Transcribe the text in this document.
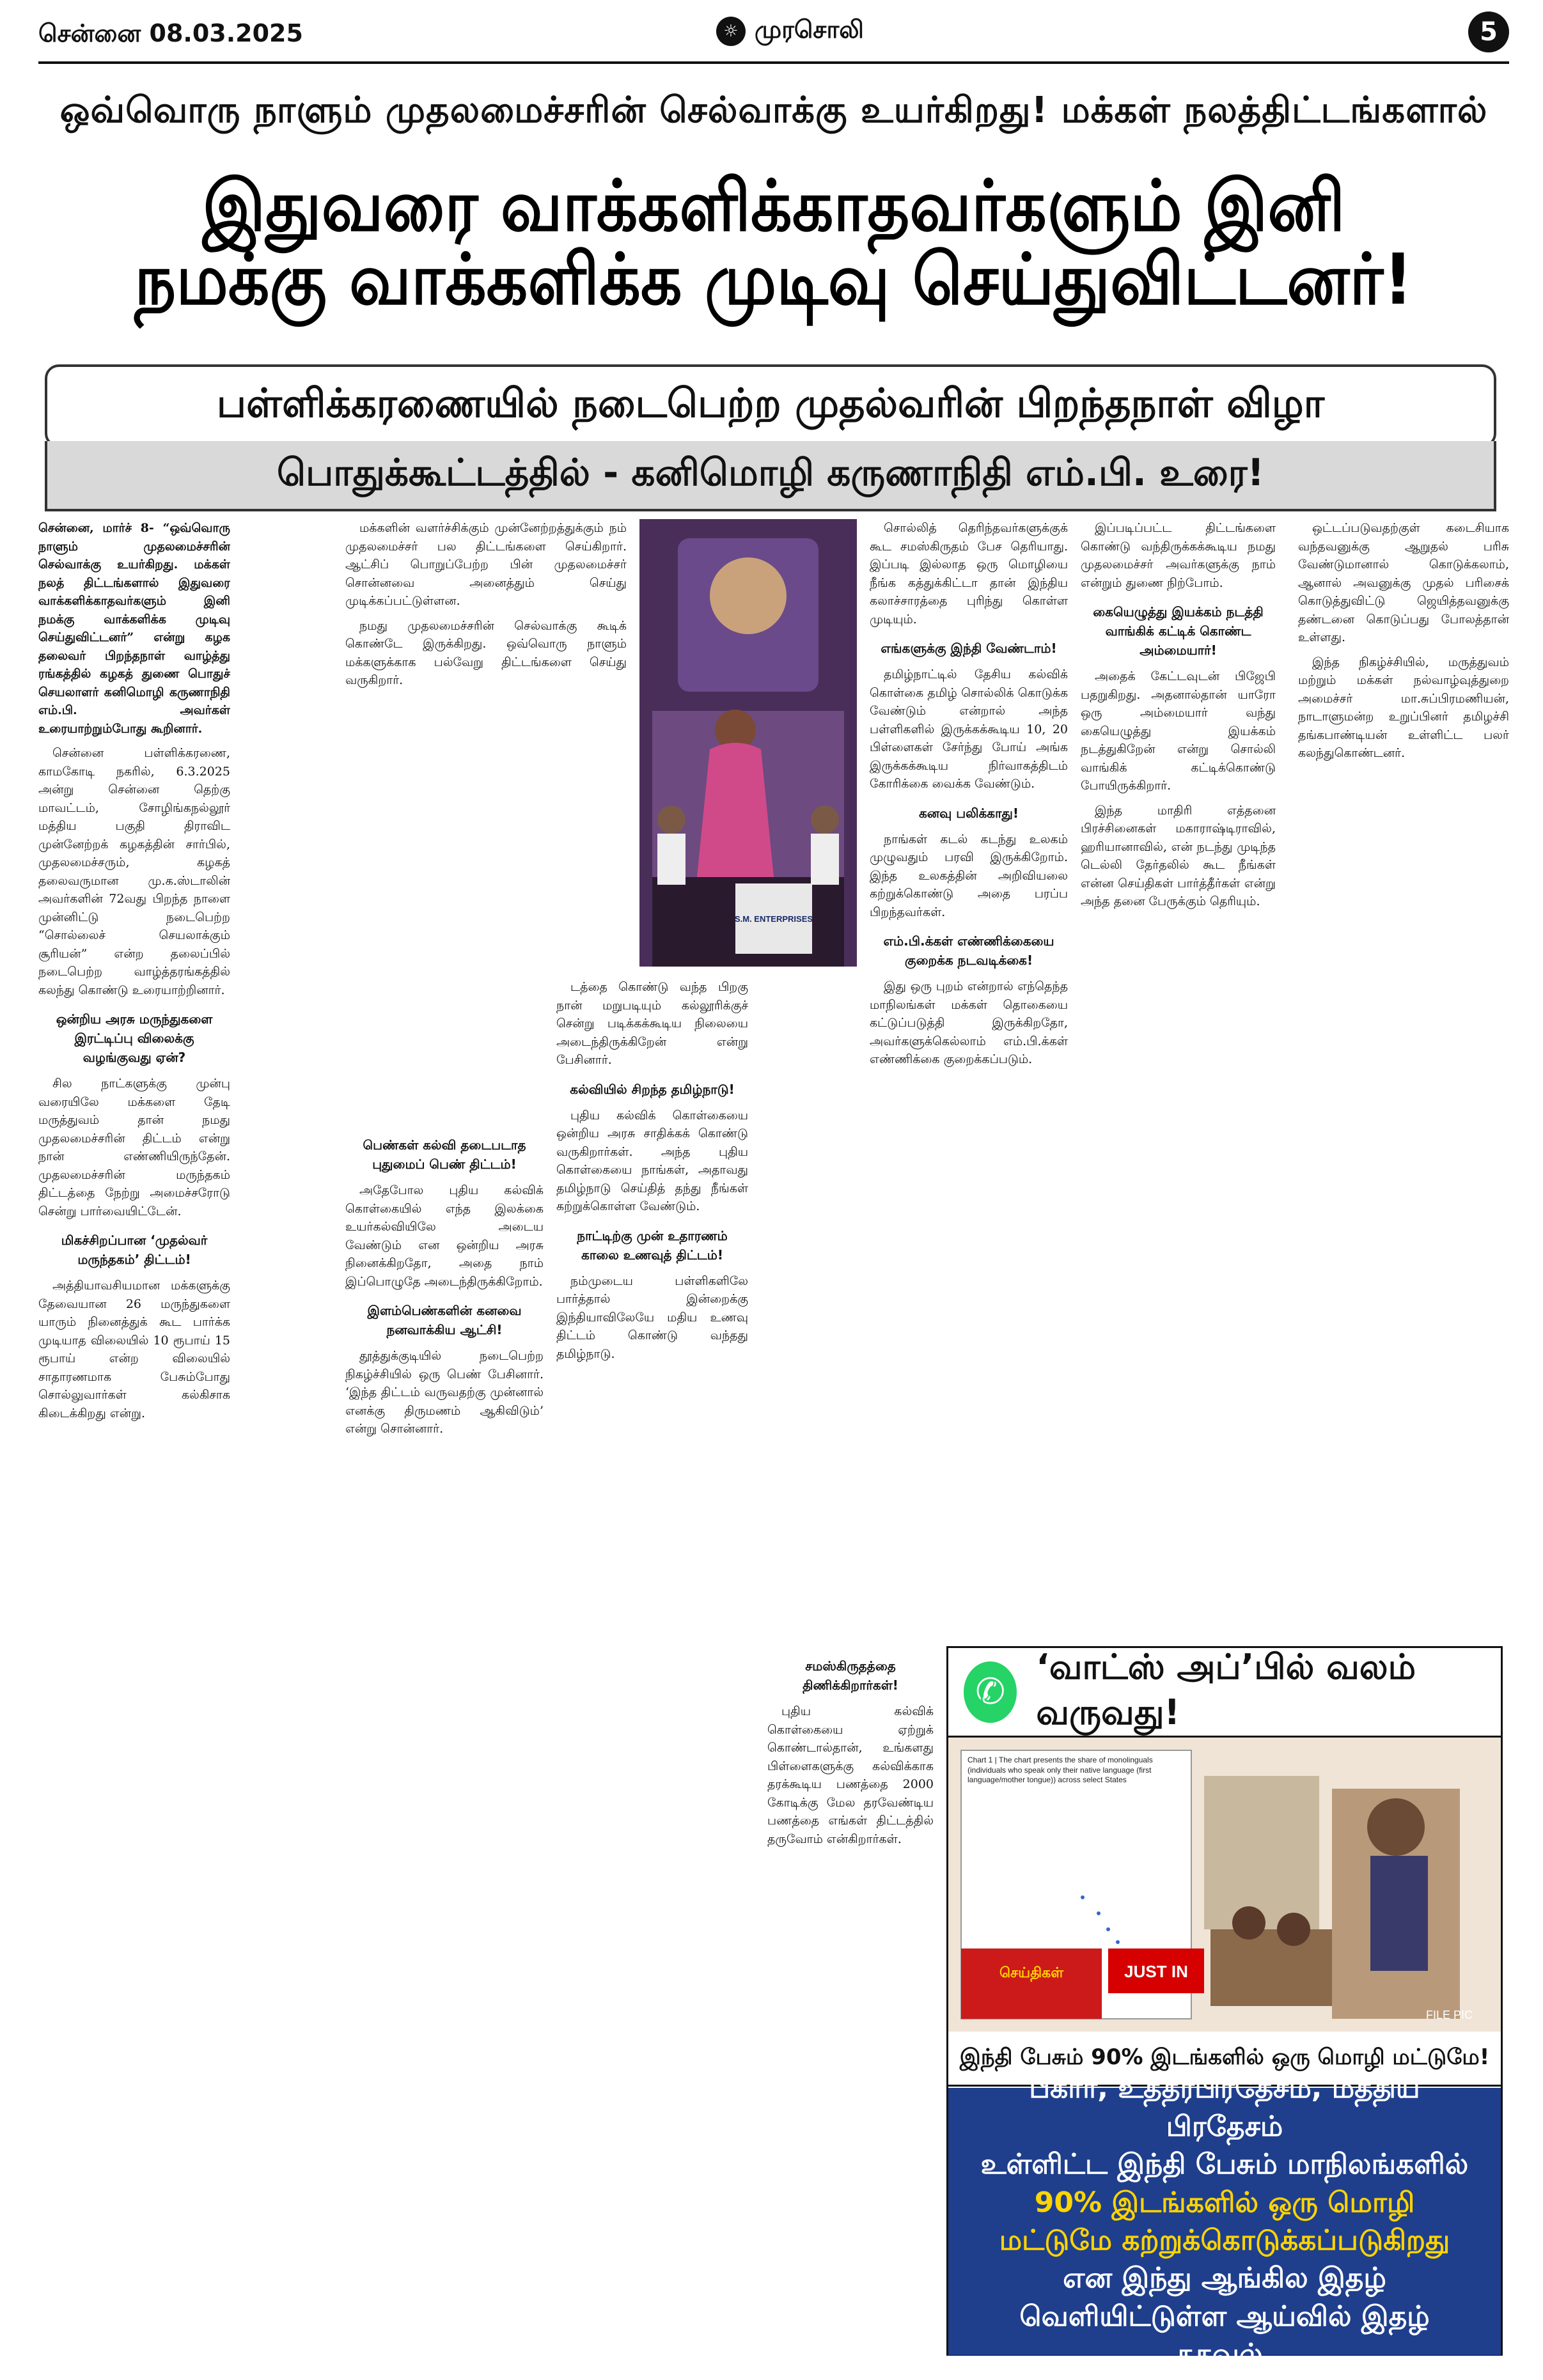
சென்னை 08.03.2025	☼ முரசொலி	5
ஒவ்வொரு நாளும் முதலமைச்சரின் செல்வாக்கு உயர்கிறது! மக்கள் நலத்திட்டங்களால்
இதுவரை வாக்களிக்காதவர்களும் இனி நமக்கு வாக்களிக்க முடிவு செய்துவிட்டனர்!
பள்ளிக்கரணையில் நடைபெற்ற முதல்வரின் பிறந்தநாள் விழா
பொதுக்கூட்டத்தில் - கனிமொழி கருணாநிதி எம்.பி. உரை!

சென்னை, மார்ச் 8- “ஒவ்வொரு நாளும் முதலமைச்சரின் செல்வாக்கு உயர்கிறது. மக்கள் நலத் திட்டங்களால் இதுவரை வாக்களிக்காதவர்களும் இனி நமக்கு வாக்களிக்க முடிவு செய்துவிட்டனர்” என்று கழக தலைவர் பிறந்தநாள் வாழ்த்து ரங்கத்தில் கழகத் துணை பொதுச் செயலாளர் கனிமொழி கருணாநிதி எம்.பி. அவர்கள் உரையாற்றும்போது கூறினார்.

சென்னை பள்ளிக்கரணை, காமகோடி நகரில், 6.3.2025 அன்று சென்னை தெற்கு மாவட்டம், சோழிங்கநல்லூர் மத்திய பகுதி திராவிட முன்னேற்றக் கழகத்தின் சார்பில், முதலமைச்சரும், கழகத் தலைவருமான மு.க.ஸ்டாலின் அவர்களின் 72வது பிறந்த நாளை முன்னிட்டு நடைபெற்ற “சொல்லைச் செயலாக்கும் சூரியன்” என்ற தலைப்பில் நடைபெற்ற வாழ்த்தரங்கத்தில் கலந்து கொண்டு உரையாற்றினார்.

ஒன்றிய அரசு மருந்துகளை இரட்டிப்பு விலைக்கு வழங்குவது ஏன்?

சில நாட்களுக்கு முன்பு வரையிலே மக்களை தேடி மருத்துவம் தான் நமது முதலமைச்சரின் திட்டம் என்று நான் எண்ணியிருந்தேன். முதலமைச்சரின் மருந்தகம் திட்டத்தை நேற்று அமைச்சரோடு சென்று பார்வையிட்டேன்.

மிகச்சிறப்பான ‘முதல்வர் மருந்தகம்’ திட்டம்!

அத்தியாவசியமான மக்களுக்கு தேவையான 26 மருந்துகளை யாரும் நினைத்துக் கூட பார்க்க முடியாத விலையில் 10 ரூபாய் 15 ரூபாய் என்ற விலையில் சாதாரணமாக பேசும்போது சொல்லுவார்கள் கல்கிசாக கிடைக்கிறது என்று.

மக்களின் வளர்ச்சிக்கும் முன்னேற்றத்துக்கும் நம் முதலமைச்சர் பல திட்டங்களை செய்கிறார். ஆட்சிப் பொறுப்பேற்ற பின் முதலமைச்சர் சொன்னவை அனைத்தும் செய்து முடிக்கப்பட்டுள்ளன.

நமது முதலமைச்சரின் செல்வாக்கு கூடிக் கொண்டே இருக்கிறது. ஒவ்வொரு நாளும் மக்களுக்காக பல்வேறு திட்டங்களை செய்து வருகிறார்.

S.M. ENTERPRISES

பெண்கள் கல்வி தடைபடாத புதுமைப் பெண் திட்டம்!

அதேபோல புதிய கல்விக் கொள்கையில் எந்த இலக்கை உயர்கல்வியிலே அடைய வேண்டும் என ஒன்றிய அரசு நினைக்கிறதோ, அதை நாம் இப்பொழுதே அடைந்திருக்கிறோம்.

இளம்பெண்களின் கனவை நனவாக்கிய ஆட்சி!

தூத்துக்குடியில் நடைபெற்ற நிகழ்ச்சியில் ஒரு பெண் பேசினார். ‘இந்த திட்டம் வருவதற்கு முன்னால் எனக்கு திருமணம் ஆகிவிடும்’ என்று சொன்னார்.

டத்தை கொண்டு வந்த பிறகு நான் மறுபடியும் கல்லூரிக்குச் சென்று படிக்கக்கூடிய நிலையை அடைந்திருக்கிறேன் என்று பேசினார்.

கல்வியில் சிறந்த தமிழ்நாடு!

புதிய கல்விக் கொள்கையை ஒன்றிய அரசு சாதிக்கக் கொண்டு வருகிறார்கள். அந்த புதிய கொள்கையை நாங்கள், அதாவது தமிழ்நாடு செய்தித் தந்து நீங்கள் கற்றுக்கொள்ள வேண்டும்.

நாட்டிற்கு முன் உதாரணம் காலை உணவுத் திட்டம்!

நம்முடைய பள்ளிகளிலே பார்த்தால் இன்றைக்கு இந்தியாவிலேயே மதிய உணவு திட்டம் கொண்டு வந்தது தமிழ்நாடு.

சொல்லித் தெரிந்தவர்களுக்குக் கூட சமஸ்கிருதம் பேச தெரியாது. இப்படி இல்லாத ஒரு மொழியை நீங்க கத்துக்கிட்டா தான் இந்திய கலாச்சாரத்தை புரிந்து கொள்ள முடியும்.

எங்களுக்கு இந்தி வேண்டாம்!

தமிழ்நாட்டில் தேசிய கல்விக் கொள்கை தமிழ் சொல்லிக் கொடுக்க வேண்டும் என்றால் அந்த பள்ளிகளில் இருக்கக்கூடிய 10, 20 பிள்ளைகள் சேர்ந்து போய் அங்க இருக்கக்கூடிய நிர்வாகத்திடம் கோரிக்கை வைக்க வேண்டும்.

கனவு பலிக்காது!

நாங்கள் கடல் கடந்து உலகம் முழுவதும் பரவி இருக்கிறோம். இந்த உலகத்தின் அறிவியலை கற்றுக்கொண்டு அதை பரப்ப பிறந்தவர்கள்.

எம்.பி.க்கள் எண்ணிக்கையை குறைக்க நடவடிக்கை!

இது ஒரு புறம் என்றால் எந்தெந்த மாநிலங்கள் மக்கள் தொகையை கட்டுப்படுத்தி இருக்கிறதோ, அவர்களுக்கெல்லாம் எம்.பி.க்கள் எண்ணிக்கை குறைக்கப்படும்.

சமஸ்கிருதத்தை திணிக்கிறார்கள்!

புதிய கல்விக் கொள்கையை ஏற்றுக் கொண்டால்தான், உங்களது பிள்ளைகளுக்கு கல்விக்காக தரக்கூடிய பணத்தை 2000 கோடிக்கு மேல தரவேண்டிய பணத்தை எங்கள் திட்டத்தில் தருவோம் என்கிறார்கள்.

இப்படிப்பட்ட திட்டங்களை கொண்டு வந்திருக்கக்கூடிய நமது முதலமைச்சர் அவர்களுக்கு நாம் என்றும் துணை நிற்போம்.

கையெழுத்து இயக்கம் நடத்தி வாங்கிக் கட்டிக் கொண்ட அம்மையார்!

அதைக் கேட்டவுடன் பிஜேபி பதறுகிறது. அதனால்தான் யாரோ ஒரு அம்மையார் வந்து கையெழுத்து இயக்கம் நடத்துகிறேன் என்று சொல்லி வாங்கிக் கட்டிக்கொண்டு போயிருக்கிறார்.

இந்த மாதிரி எத்தனை பிரச்சினைகள் மகாராஷ்டிராவில், ஹரியானாவில், என் நடந்து முடிந்த டெல்லி தேர்தலில் கூட நீங்கள் என்ன செய்திகள் பார்த்தீர்கள் என்று அந்த தனை பேருக்கும் தெரியும்.

ஒட்டப்படுவதற்குள் கடைசியாக வந்தவனுக்கு ஆறுதல் பரிசு வேண்டுமானால் கொடுக்கலாம், ஆனால் அவனுக்கு முதல் பரிசைக் கொடுத்துவிட்டு ஜெயித்தவனுக்கு தண்டனை கொடுப்பது போலத்தான் உள்ளது.

இந்த நிகழ்ச்சியில், மருத்துவம் மற்றும் மக்கள் நல்வாழ்வுத்துறை அமைச்சர் மா.சுப்பிரமணியன், நாடாளுமன்ற உறுப்பினர் தமிழச்சி தங்கபாண்டியன் உள்ளிட்ட பலர் கலந்துகொண்டனர்.

✆
‘வாட்ஸ் அப்’பில் வலம் வருவது!
Chart 1 | The chart presents the share of monolinguals (individuals who speak only their native language (first language/mother tongue)) across select States
செய்திகள்	JUST IN
FILE PIC
இந்தி பேசும் 90% இடங்களில் ஒரு மொழி மட்டுமே!
பீகார், உத்தரபிரதேசம், மத்திய பிரதேசம்
உள்ளிட்ட இந்தி பேசும் மாநிலங்களில்
90% இடங்களில் ஒரு மொழி
மட்டுமே கற்றுக்கொடுக்கப்படுகிறது
என இந்து ஆங்கில இதழ்
வெளியிட்டுள்ள ஆய்வில் இதழ் தகவல்.
